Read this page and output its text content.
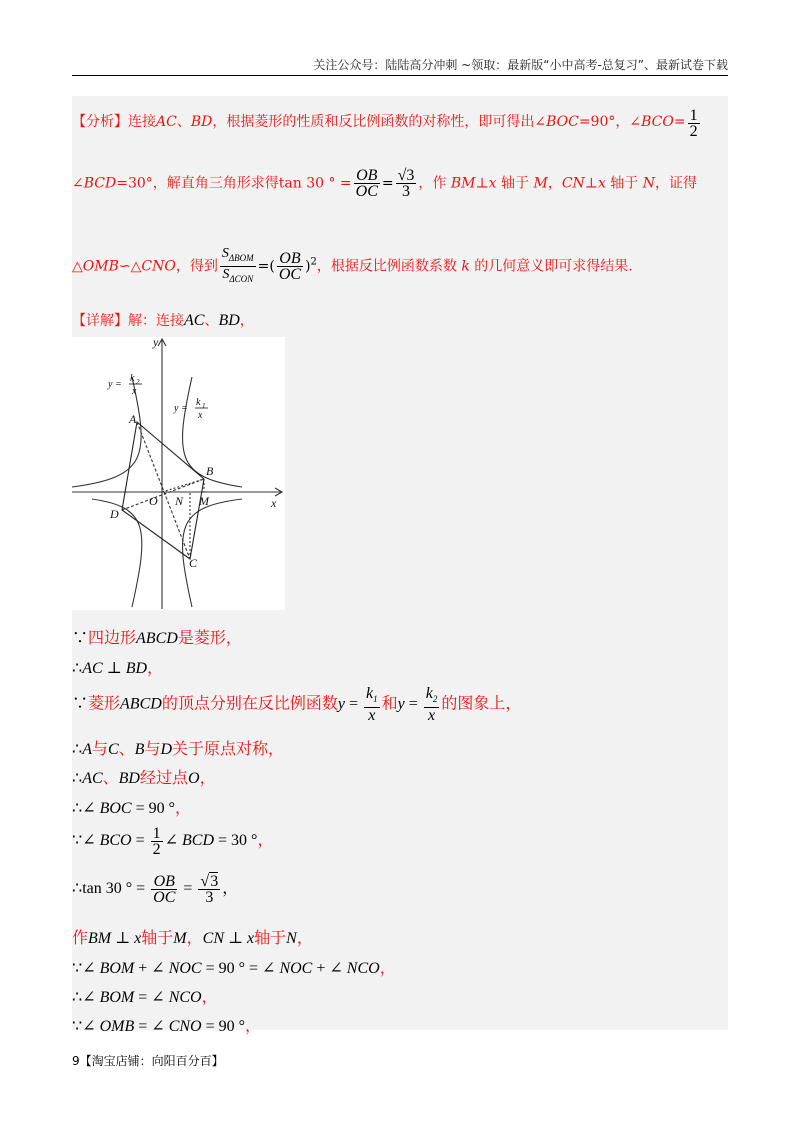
关注公众号：陆陆高分冲刺 ~领取：最新版“小中高考-总复习”、最新试卷下载
【分析】连接AC、BD，根据菱形的性质和反比例函数的对称性，即可得出∠BOC=90°，∠BCO= $\frac{1}{2}$
∠BCD=30°，解直角三角形求得tan 30 ° = $\frac{OB}{OC} = \frac{√3}{3}$ ，作 BM⊥x 轴于 M，CN⊥x 轴于 N，证得
△OMB∽△CNO，得到 $\frac{S_{\Delta BOM}}{S_{\Delta CON}}$ =( $\frac{OB}{OC} )^2$，根据反比例函数系数 k 的几何意义即可求得结果.
【详解】解：连接AC、BD，
y
x
A
B
C
D
O N M
y =
k 2
x
y =
k 1
x
∵四边形ABCD是菱形，
∴AC ⊥ BD，
∵菱形ABCD的顶点分别在反比例函数$y = \frac{k_1}{x}$ 和$y = \frac{k_2}{x}$ 的图象上，
∴A与C、B与D关于原点对称，
∴AC、BD经过点O，
∴∠ BOC = 90 °，
∵∠ BCO = $\frac{1}{2}$ ∠ BCD = 30 °，
∴tan 30 ° = $\frac{OB}{OC} = \frac{√3}{3}$ ，
作BM ⊥ x轴于M，CN ⊥ x轴于N，
∵∠ BOM + ∠ NOC = 90 ° = ∠ NOC + ∠ NCO，
∴∠ BOM = ∠ NCO，
∵∠ OMB = ∠ CNO = 90 °，
9【淘宝店铺：向阳百分百】
